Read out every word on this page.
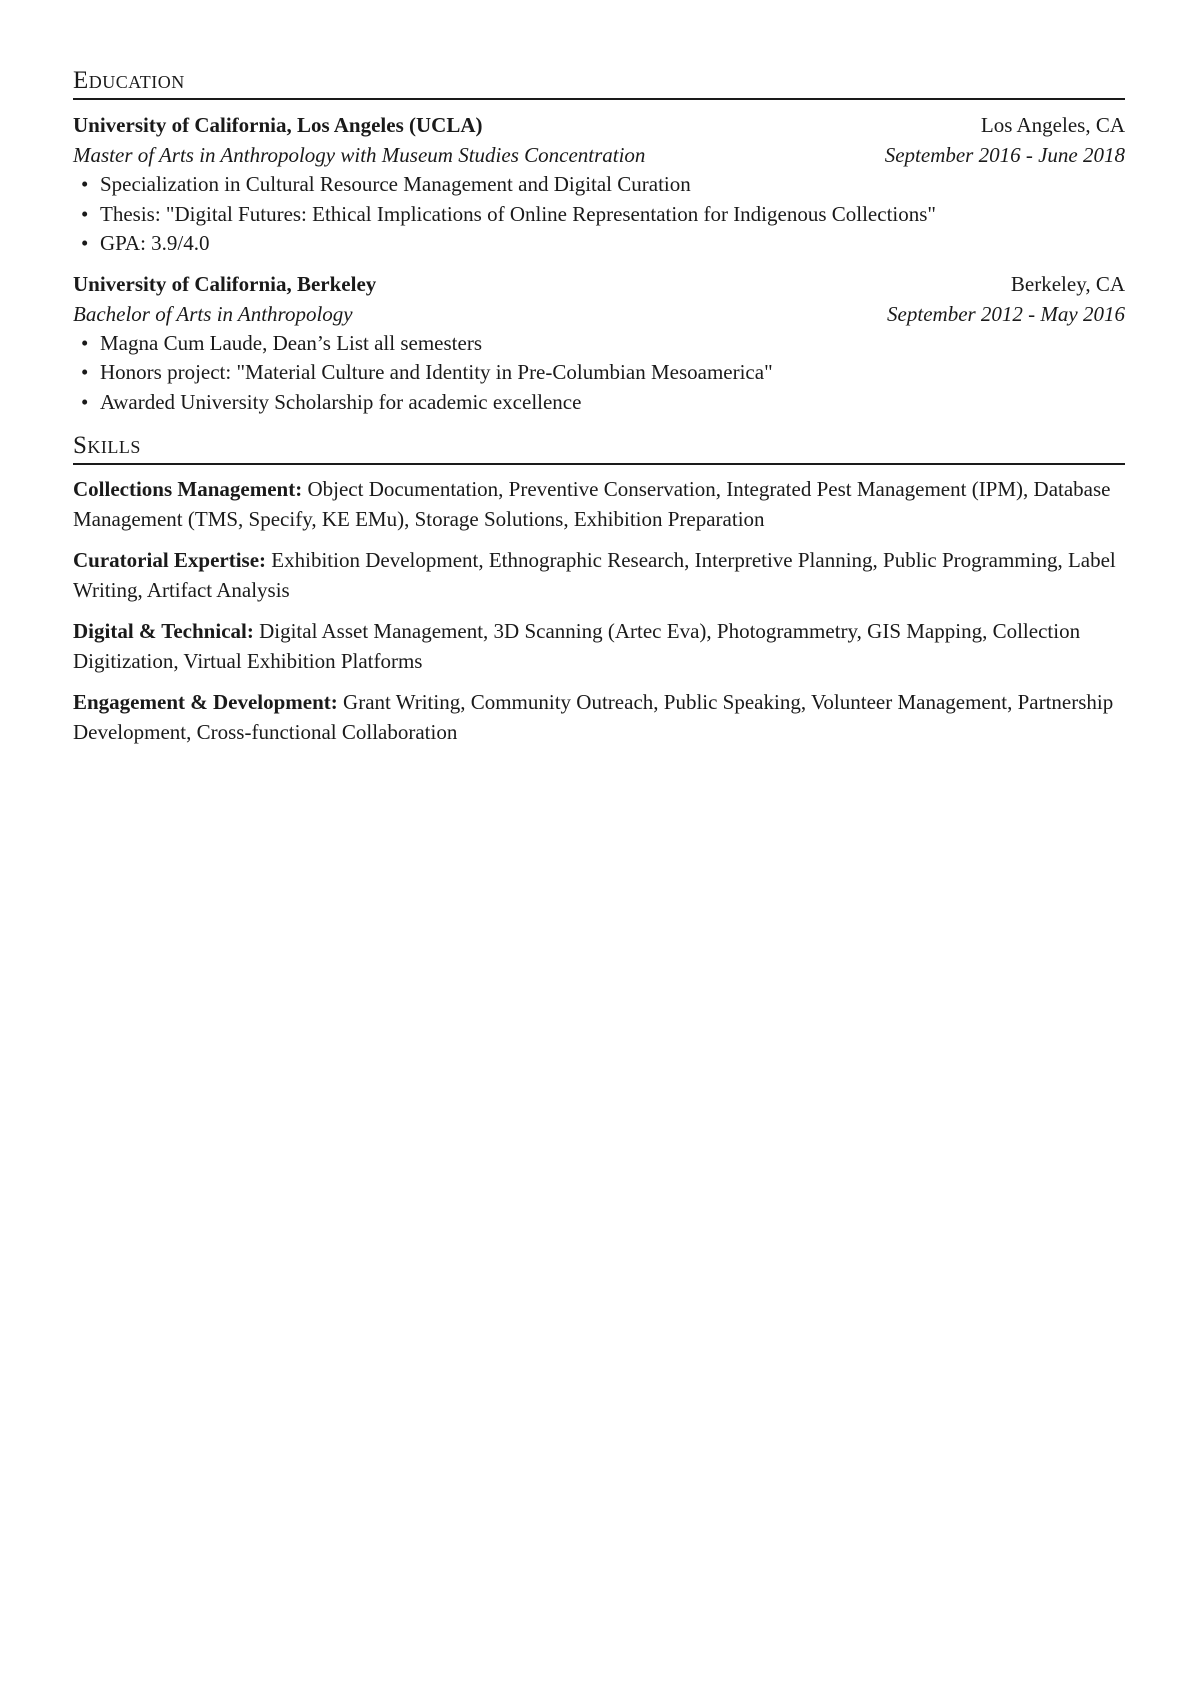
Education
University of California, Los Angeles (UCLA)	Los Angeles, CA
Master of Arts in Anthropology with Museum Studies Concentration	September 2016 - June 2018
• Specialization in Cultural Resource Management and Digital Curation
• Thesis: "Digital Futures: Ethical Implications of Online Representation for Indigenous Collections"
• GPA: 3.9/4.0
University of California, Berkeley	Berkeley, CA
Bachelor of Arts in Anthropology	September 2012 - May 2016
• Magna Cum Laude, Dean’s List all semesters
• Honors project: "Material Culture and Identity in Pre-Columbian Mesoamerica"
• Awarded University Scholarship for academic excellence
Skills
Collections Management: Object Documentation, Preventive Conservation, Integrated Pest Management (IPM), Database Management (TMS, Specify, KE EMu), Storage Solutions, Exhibition Preparation
Curatorial Expertise: Exhibition Development, Ethnographic Research, Interpretive Planning, Public Programming, Label Writing, Artifact Analysis
Digital & Technical: Digital Asset Management, 3D Scanning (Artec Eva), Photogrammetry, GIS Mapping, Collection Digitization, Virtual Exhibition Platforms
Engagement & Development: Grant Writing, Community Outreach, Public Speaking, Volunteer Management, Partnership Development, Cross-functional Collaboration
